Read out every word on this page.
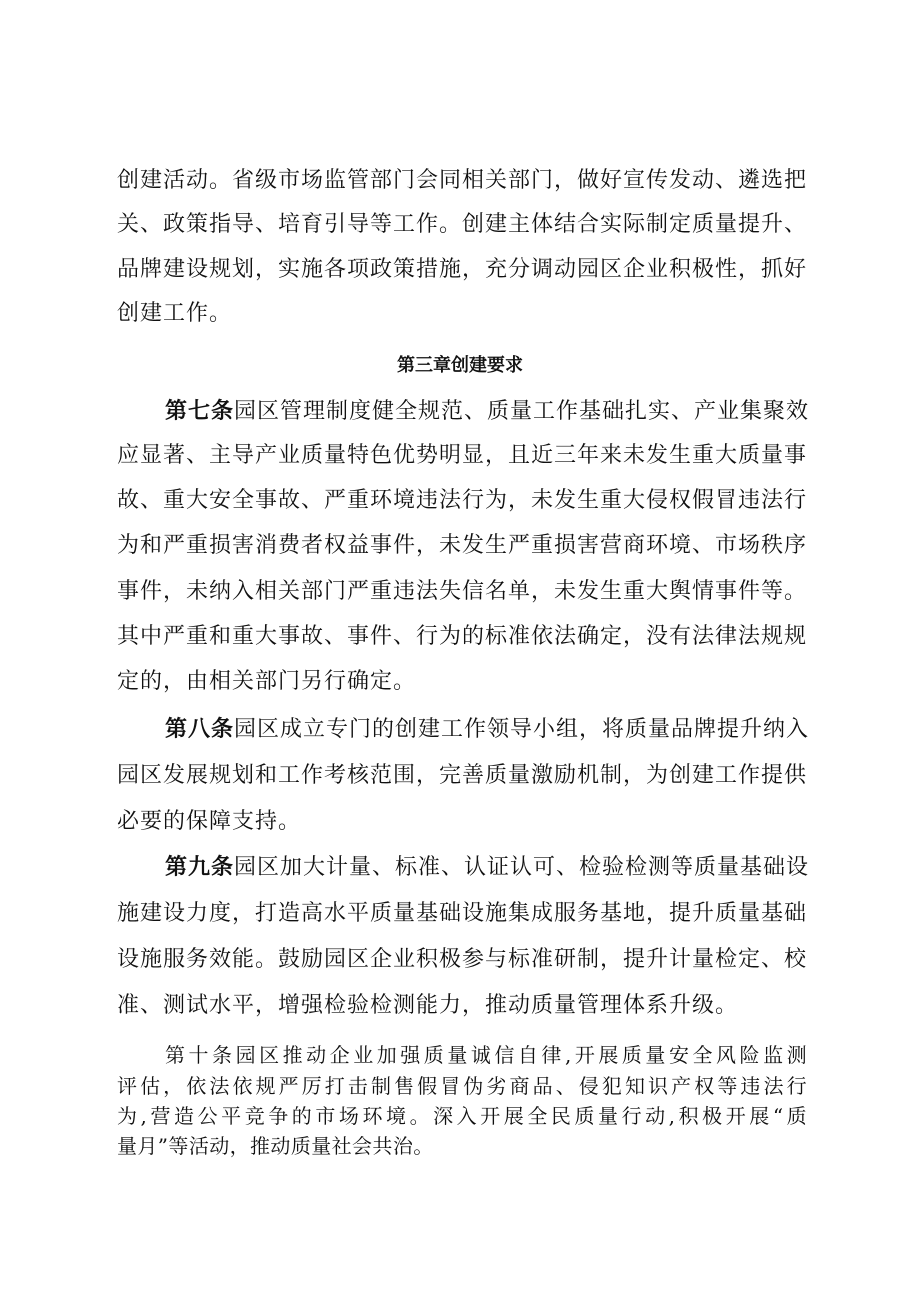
创建活动。省级市场监管部门会同相关部门，做好宣传发动、遴选把
关、政策指导、培育引导等工作。创建主体结合实际制定质量提升、
品牌建设规划，实施各项政策措施，充分调动园区企业积极性，抓好
创建工作。
第三章创建要求
第七条园区管理制度健全规范、质量工作基础扎实、产业集聚效
应显著、主导产业质量特色优势明显，且近三年来未发生重大质量事
故、重大安全事故、严重环境违法行为，未发生重大侵权假冒违法行
为和严重损害消费者权益事件，未发生严重损害营商环境、市场秩序
事件，未纳入相关部门严重违法失信名单，未发生重大舆情事件等。
其中严重和重大事故、事件、行为的标准依法确定，没有法律法规规
定的，由相关部门另行确定。
第八条园区成立专门的创建工作领导小组，将质量品牌提升纳入
园区发展规划和工作考核范围，完善质量激励机制，为创建工作提供
必要的保障支持。
第九条园区加大计量、标准、认证认可、检验检测等质量基础设
施建设力度，打造高水平质量基础设施集成服务基地，提升质量基础
设施服务效能。鼓励园区企业积极参与标准研制，提升计量检定、校
准、测试水平，增强检验检测能力，推动质量管理体系升级。
第十条园区推动企业加强质量诚信自律,开展质量安全风险监测
评估，依法依规严厉打击制售假冒伪劣商品、侵犯知识产权等违法行
为,营造公平竞争的市场环境。深入开展全民质量行动,积极开展“质
量月”等活动，推动质量社会共治。
